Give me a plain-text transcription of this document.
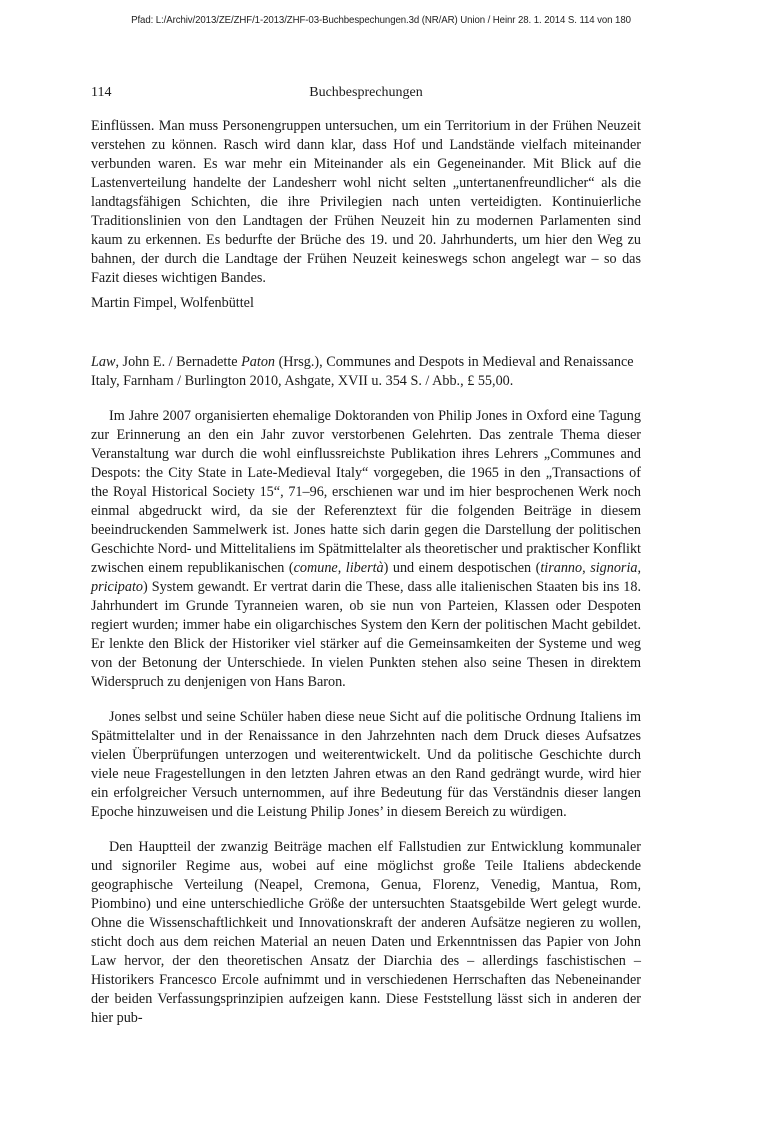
Pfad: L:/Archiv/2013/ZE/ZHF/1-2013/ZHF-03-Buchbespechungen.3d (NR/AR) Union / Heinr 28. 1. 2014 S. 114 von 180
114	Buchbesprechungen

Einflüssen. Man muss Personengruppen untersuchen, um ein Territorium in der Frühen Neuzeit verstehen zu können. Rasch wird dann klar, dass Hof und Landstände vielfach miteinander verbunden waren. Es war mehr ein Miteinander als ein Gegeneinander. Mit Blick auf die Lastenverteilung handelte der Landesherr wohl nicht selten „untertanenfreundlicher“ als die landtagsfähigen Schichten, die ihre Privilegien nach unten verteidigten. Kontinuierliche Traditionslinien von den Landtagen der Frühen Neuzeit hin zu modernen Parlamenten sind kaum zu erkennen. Es bedurfte der Brüche des 19. und 20. Jahrhunderts, um hier den Weg zu bahnen, der durch die Landtage der Frühen Neuzeit keineswegs schon angelegt war – so das Fazit dieses wichtigen Bandes.

Martin Fimpel, Wolfenbüttel

Law, John E. / Bernadette Paton (Hrsg.), Communes and Despots in Medieval and Renaissance Italy, Farnham / Burlington 2010, Ashgate, XVII u. 354 S. / Abb., £ 55,00.

Im Jahre 2007 organisierten ehemalige Doktoranden von Philip Jones in Oxford eine Tagung zur Erinnerung an den ein Jahr zuvor verstorbenen Gelehrten. Das zentrale Thema dieser Veranstaltung war durch die wohl einflussreichste Publikation ihres Lehrers „Communes and Despots: the City State in Late-Medieval Italy“ vorgegeben, die 1965 in den „Transactions of the Royal Historical Society 15“, 71–96, erschienen war und im hier besprochenen Werk noch einmal abgedruckt wird, da sie der Referenztext für die folgenden Beiträge in diesem beeindruckenden Sammelwerk ist. Jones hatte sich darin gegen die Darstellung der politischen Geschichte Nord- und Mittelitaliens im Spätmittelalter als theoretischer und praktischer Konflikt zwischen einem republikanischen (comune, libertà) und einem despotischen (tiranno, signoria, pricipato) System gewandt. Er vertrat darin die These, dass alle italienischen Staaten bis ins 18. Jahrhundert im Grunde Tyranneien waren, ob sie nun von Parteien, Klassen oder Despoten regiert wurden; immer habe ein oligarchisches System den Kern der politischen Macht gebildet. Er lenkte den Blick der Historiker viel stärker auf die Gemeinsamkeiten der Systeme und weg von der Betonung der Unterschiede. In vielen Punkten stehen also seine Thesen in direktem Widerspruch zu denjenigen von Hans Baron.

Jones selbst und seine Schüler haben diese neue Sicht auf die politische Ordnung Italiens im Spätmittelalter und in der Renaissance in den Jahrzehnten nach dem Druck dieses Aufsatzes vielen Überprüfungen unterzogen und weiterentwickelt. Und da politische Geschichte durch viele neue Fragestellungen in den letzten Jahren etwas an den Rand gedrängt wurde, wird hier ein erfolgreicher Versuch unternommen, auf ihre Bedeutung für das Verständnis dieser langen Epoche hinzuweisen und die Leistung Philip Jones’ in diesem Bereich zu würdigen.

Den Hauptteil der zwanzig Beiträge machen elf Fallstudien zur Entwicklung kommunaler und signoriler Regime aus, wobei auf eine möglichst große Teile Italiens abdeckende geographische Verteilung (Neapel, Cremona, Genua, Florenz, Venedig, Mantua, Rom, Piombino) und eine unterschiedliche Größe der untersuchten Staatsgebilde Wert gelegt wurde. Ohne die Wissenschaftlichkeit und Innovationskraft der anderen Aufsätze negieren zu wollen, sticht doch aus dem reichen Material an neuen Daten und Erkenntnissen das Papier von John Law hervor, der den theoretischen Ansatz der Diarchia des – allerdings faschistischen – Historikers Francesco Ercole aufnimmt und in verschiedenen Herrschaften das Nebeneinander der beiden Verfassungsprinzipien aufzeigen kann. Diese Feststellung lässt sich in anderen der hier pub-
